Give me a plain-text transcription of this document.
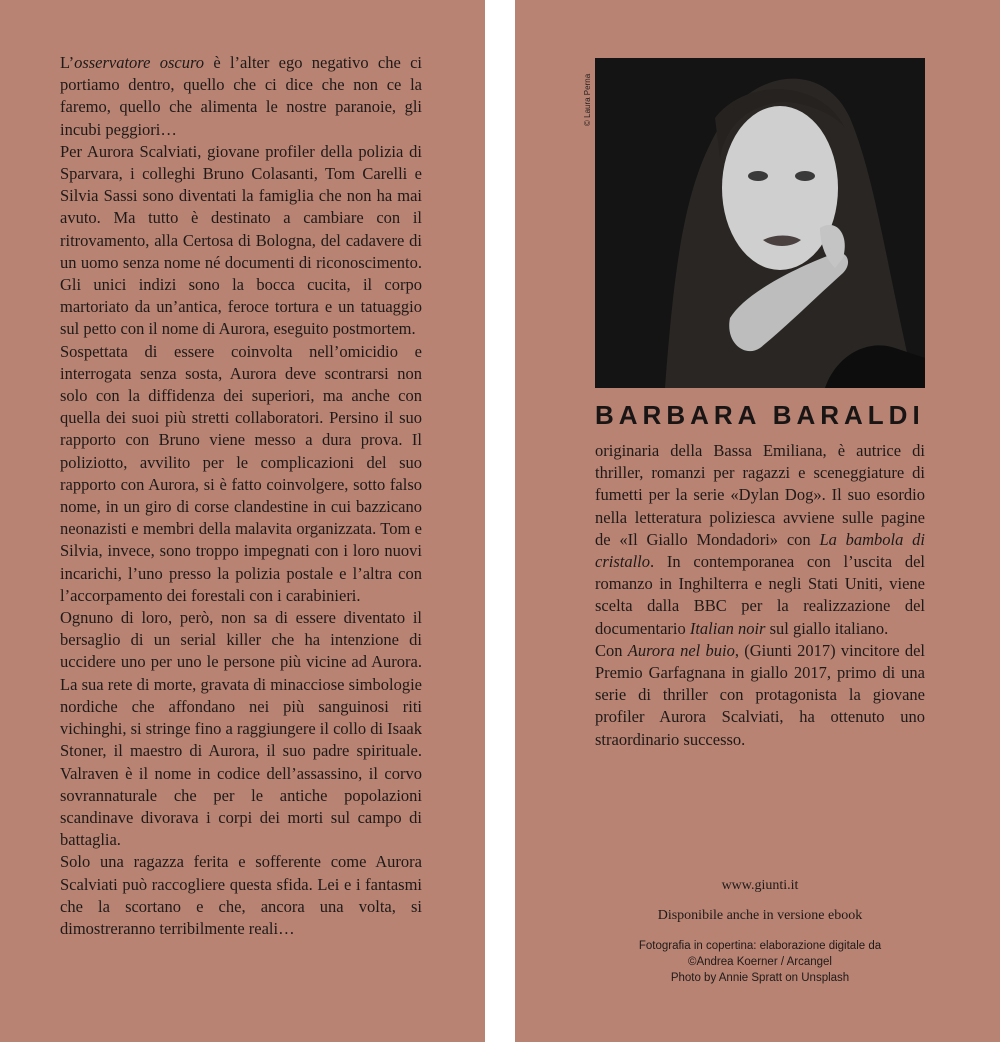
L’osservatore oscuro è l’alter ego negativo che ci portiamo dentro, quello che ci dice che non ce la faremo, quello che alimenta le nostre paranoie, gli incubi peggiori…

Per Aurora Scalviati, giovane profiler della polizia di Sparvara, i colleghi Bruno Colasanti, Tom Carelli e Silvia Sassi sono diventati la famiglia che non ha mai avuto. Ma tutto è destinato a cambiare con il ritrovamento, alla Certosa di Bologna, del cadavere di un uomo senza nome né documenti di riconoscimento. Gli unici indizi sono la bocca cucita, il corpo martoriato da un’antica, feroce tortura e un tatuaggio sul petto con il nome di Aurora, eseguito postmortem.

Sospettata di essere coinvolta nell’omicidio e interrogata senza sosta, Aurora deve scontrarsi non solo con la diffidenza dei superiori, ma anche con quella dei suoi più stretti collaboratori. Persino il suo rapporto con Bruno viene messo a dura prova. Il poliziotto, avvilito per le complicazioni del suo rapporto con Aurora, si è fatto coinvolgere, sotto falso nome, in un giro di corse clandestine in cui bazzicano neonazisti e membri della malavita organizzata. Tom e Silvia, invece, sono troppo impegnati con i loro nuovi incarichi, l’uno presso la polizia postale e l’altra con l’accorpamento dei forestali con i carabinieri.

Ognuno di loro, però, non sa di essere diventato il bersaglio di un serial killer che ha intenzione di uccidere uno per uno le persone più vicine ad Aurora. La sua rete di morte, gravata di minacciose simbologie nordiche che affondano nei più sanguinosi riti vichinghi, si stringe fino a raggiungere il collo di Isaak Stoner, il maestro di Aurora, il suo padre spirituale. Valraven è il nome in codice dell’assassino, il corvo sovrannaturale che per le antiche popolazioni scandinave divorava i corpi dei morti sul campo di battaglia.

Solo una ragazza ferita e sofferente come Aurora Scalviati può raccogliere questa sfida. Lei e i fantasmi che la scortano e che, ancora una volta, si dimostreranno terribilmente reali…

© Laura Perna
BARBARA BARALDI

originaria della Bassa Emiliana, è autrice di thriller, romanzi per ragazzi e sceneggiature di fumetti per la serie «Dylan Dog». Il suo esordio nella letteratura poliziesca avviene sulle pagine de «Il Giallo Mondadori» con La bambola di cristallo. In contemporanea con l’uscita del romanzo in Inghilterra e negli Stati Uniti, viene scelta dalla BBC per la realizzazione del documentario Italian noir sul giallo italiano.

Con Aurora nel buio, (Giunti 2017) vincitore del Premio Garfagnana in giallo 2017, primo di una serie di thriller con protagonista la giovane profiler Aurora Scalviati, ha ottenuto uno straordinario successo.

www.giunti.it
Disponibile anche in versione ebook
Fotografia in copertina: elaborazione digitale da
©Andrea Koerner / Arcangel
Photo by Annie Spratt on Unsplash
